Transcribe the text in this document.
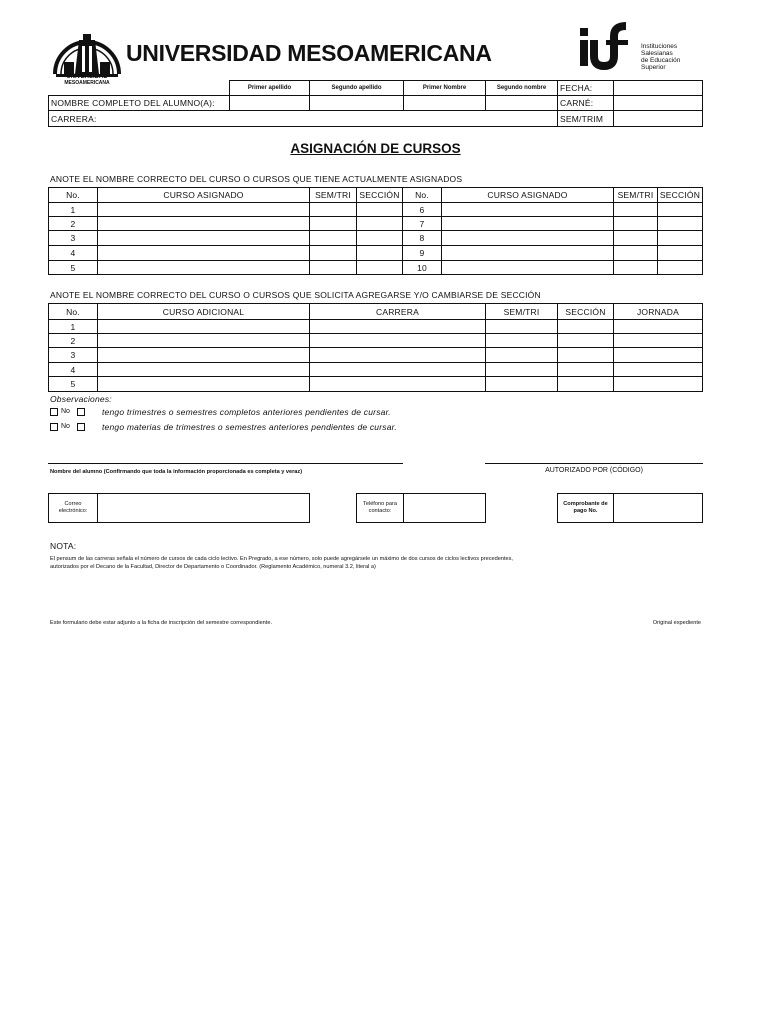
UNIVERSIDAD
MESOAMERICANA
UNIVERSIDAD MESOAMERICANA	Instituciones
Salesianas
de Educación
Superior
Primer apellido	Segundo apellido	Primer Nombre	Segundo nombre	FECHA:
NOMBRE COMPLETO DEL ALUMNO(A):	CARNÉ:
CARRERA:	SEM/TRIM
ASIGNACIÓN DE CURSOS
ANOTE EL NOMBRE CORRECTO DEL CURSO O CURSOS QUE TIENE ACTUALMENTE ASIGNADOS
No.	CURSO ASIGNADO	SEM/TRI SECCIÓN	No.	CURSO ASIGNADO	SEM/TRI SECCIÓN
1	6
2	7
3	8
4	9
5	10
ANOTE EL NOMBRE CORRECTO DEL CURSO O CURSOS QUE SOLICITA AGREGARSE Y/O CAMBIARSE DE SECCIÓN
No.	CURSO ADICIONAL	CARRERA	SEM/TRI	SECCIÓN	JORNADA
1
2
3
4
5
Observaciones:
No	tengo trimestres o semestres completos anteriores pendientes de cursar.
No	tengo materias de trimestres o semestres anteriores pendientes de cursar.
Nombre del alumno (Confirmando que toda la información proporcionada es completa y veraz)	AUTORIZADO POR (CÓDIGO)
Correo electrónico:
Teléfono para contacto:
Comprobante de pago No.
NOTA:
El pensum de las carreras señala el número de cursos de cada ciclo lectivo. En Pregrado, a ese número, solo puede agregársele un máximo de dos cursos de ciclos lectivos precedentes,
autorizados por el Decano de la Facultad, Director de Departamento o Coordinador. (Reglamento Académico, numeral 3.2, literal a)
Este formulario debe estar adjunto a la ficha de inscripción del semestre correspondiente.	Original expediente
